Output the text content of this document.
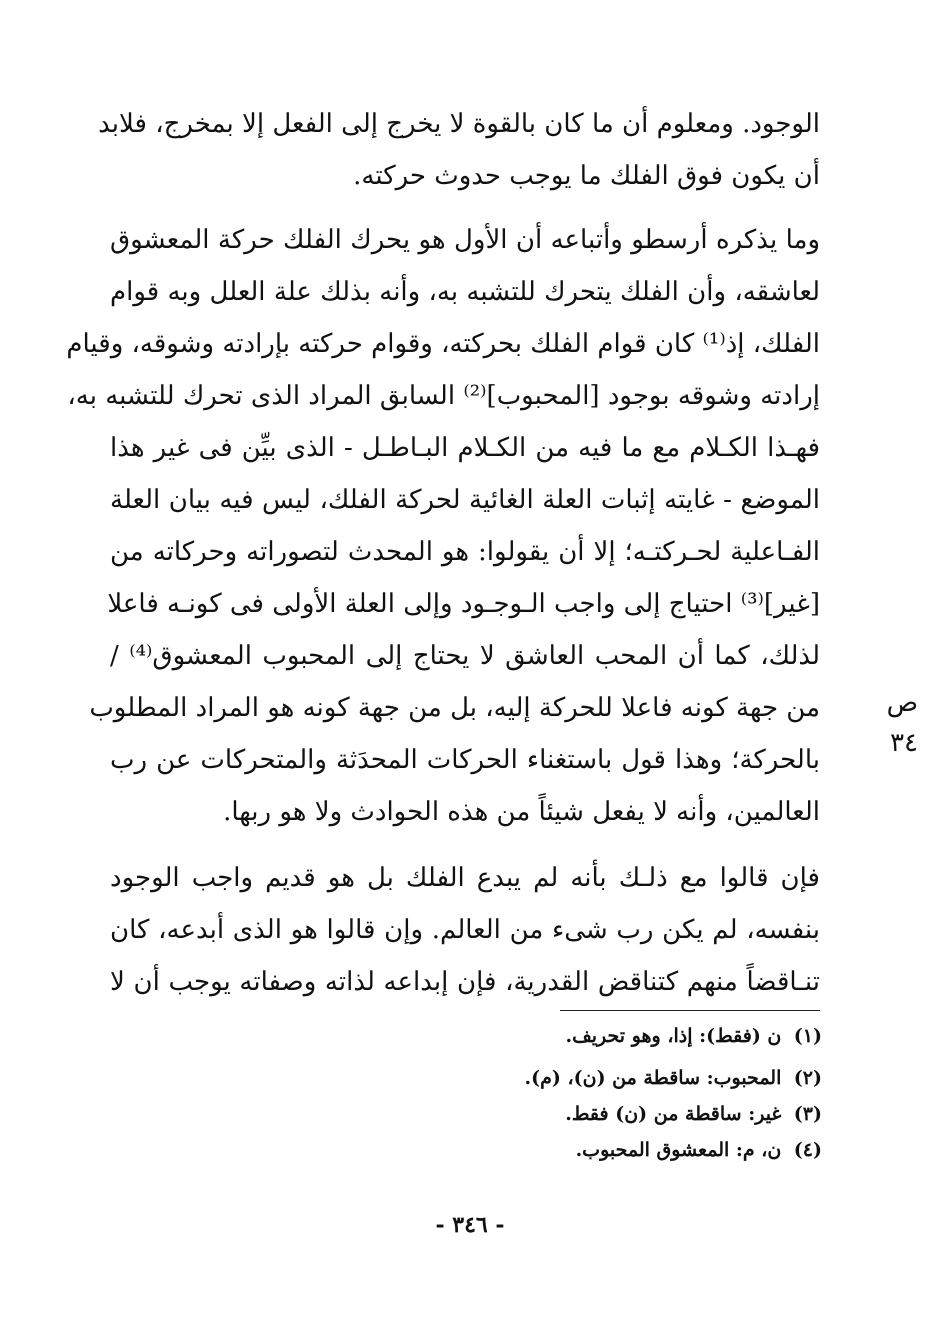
الوجود. ومعلوم أن ما كان بالقوة لا يخرج إلى الفعل إلا بمخرج، فلابد
أن يكون فوق الفلك ما يوجب حدوث حركته.
وما يذكره أرسطو وأتباعه أن الأول هو يحرك الفلك حركة المعشوق
لعاشقه، وأن الفلك يتحرك للتشبه به، وأنه بذلك علة العلل وبه قوام
الفلك، إذ⁽¹⁾ كان قوام الفلك بحركته، وقوام حركته بإرادته وشوقه، وقيام
إرادته وشوقه بوجود [المحبوب]⁽²⁾ السابق المراد الذى تحرك للتشبه به،
فهـذا الكـلام مع ما فيه من الكـلام البـاطـل - الذى بيِّن فى غير هذا
الموضع - غايته إثبات العلة الغائية لحركة الفلك، ليس فيه بيان العلة
الفـاعلية لحـركتـه؛ إلا أن يقولوا: هو المحدث لتصوراته وحركاته من
[غير]⁽³⁾ احتياج إلى واجب الـوجـود وإلى العلة الأولى فى كونـه فاعلا
لذلك، كما أن المحب العاشق لا يحتاج إلى المحبوب المعشوق⁽⁴⁾ /
من جهة كونه فاعلا للحركة إليه، بل من جهة كونه هو المراد المطلوب
بالحركة؛ وهذا قول باستغناء الحركات المحدَثة والمتحركات عن رب
العالمين، وأنه لا يفعل شيئاً من هذه الحوادث ولا هو ربها.
فإن قالوا مع ذلـك بأنه لم يبدع الفلك بل هو قديم واجب الوجود
بنفسه، لم يكن رب شىء من العالم. وإن قالوا هو الذى أبدعه، كان
تنـاقضاً منهم كتناقض القدرية، فإن إبداعه لذاته وصفاته يوجب أن لا
ص ٣٤
(١) ن (فقط): إذا، وهو تحريف.
(٢) المحبوب: ساقطة من (ن)، (م).
(٣) غير: ساقطة من (ن) فقط.
(٤) ن، م: المعشوق المحبوب.
- ٣٤٦ -
